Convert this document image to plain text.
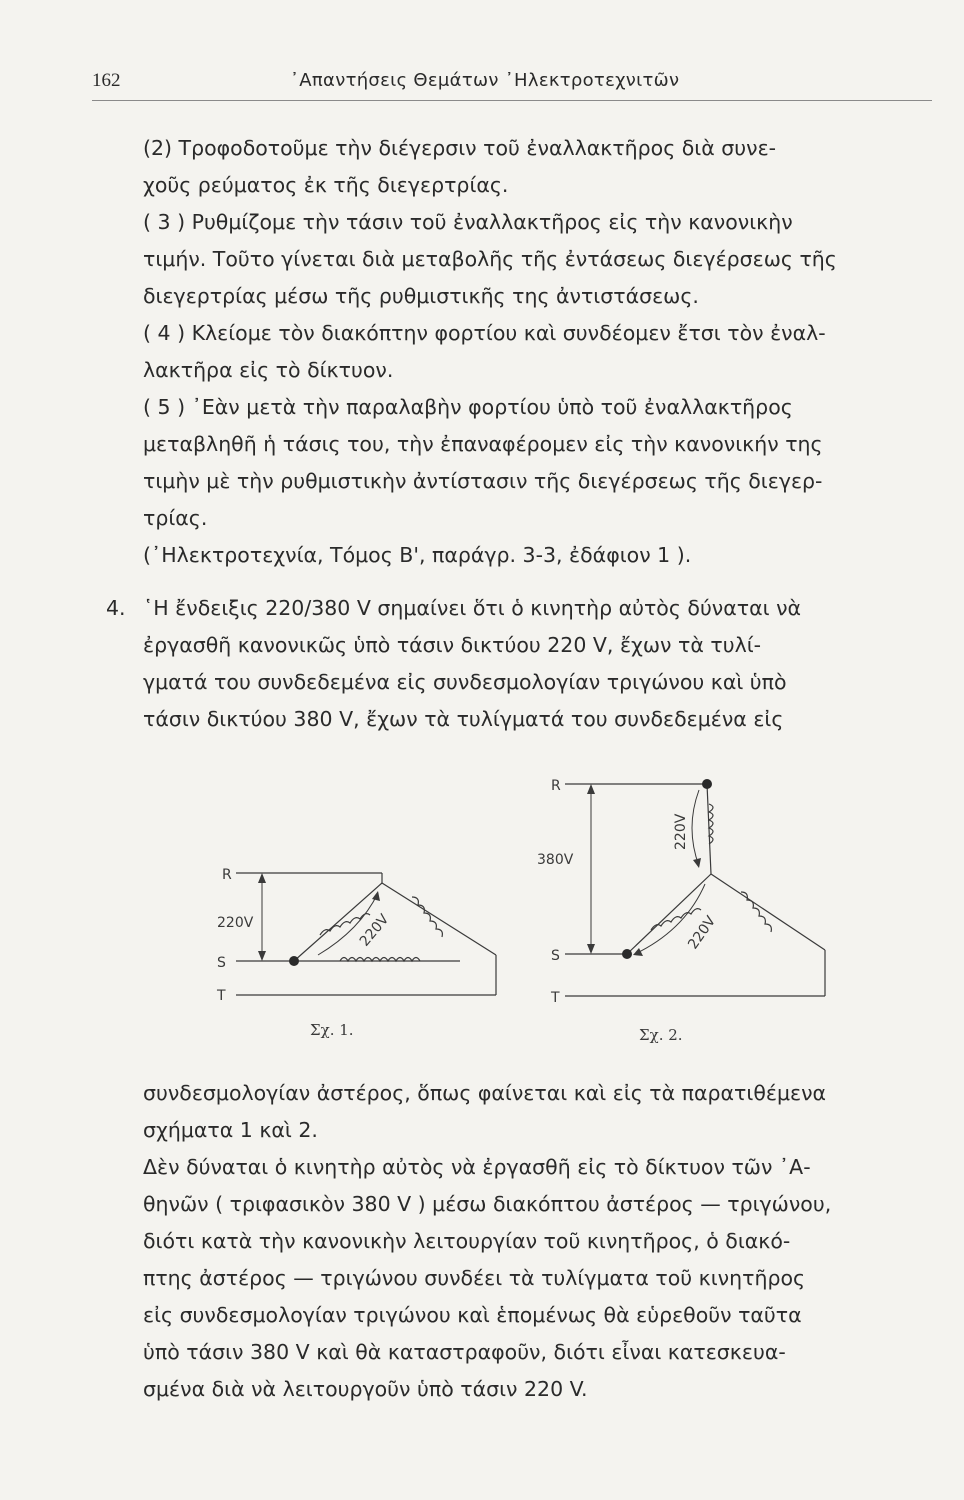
162	᾿Απαντήσεις Θεμάτων ᾿Ηλεκτροτεχνιτῶν

(2) Τροφοδοτοῦμε τὴν διέγερσιν τοῦ ἐναλλακτῆρος διὰ συνε-

χοῦς ρεύματος ἐκ τῆς διεγερτρίας.

( 3 ) Ρυθμίζομε τὴν τάσιν τοῦ ἐναλλακτῆρος εἰς τὴν κανονικὴν

τιμήν. Τοῦτο γίνεται διὰ μεταβολῆς τῆς ἐντάσεως διεγέρσεως τῆς

διεγερτρίας μέσω τῆς ρυθμιστικῆς της ἀντιστάσεως.

( 4 ) Κλείομε τὸν διακόπτην φορτίου καὶ συνδέομεν ἔτσι τὸν ἐναλ-

λακτῆρα εἰς τὸ δίκτυον.

( 5 ) ᾿Εὰν μετὰ τὴν παραλαβὴν φορτίου ὑπὸ τοῦ ἐναλλακτῆρος

μεταβληθῆ ἡ τάσις του, τὴν ἐπαναφέρομεν εἰς τὴν κανονικήν της

τιμὴν μὲ τὴν ρυθμιστικὴν ἀντίστασιν τῆς διεγέρσεως τῆς διεγερ-

τρίας.

(᾿Ηλεκτροτεχνία, Τόμος Β', παράγρ. 3-3, ἐδάφιον 1 ).

4. ῾Η ἔνδειξις 220/380 V σημαίνει ὅτι ὁ κινητὴρ αὐτὸς δύναται νὰ

ἐργασθῆ κανονικῶς ὑπὸ τάσιν δικτύου 220 V, ἔχων τὰ τυλί-

γματά του συνδεδεμένα εἰς συνδεσμολογίαν τριγώνου καὶ ὑπὸ

τάσιν δικτύου 380 V, ἔχων τὰ τυλίγματά του συνδεδεμένα εἰς

R
S
T
220V	220V
Σχ. 1.
R
S
T
380V
220V
220V
Σχ. 2.

συνδεσμολογίαν ἀστέρος, ὅπως φαίνεται καὶ εἰς τὰ παρατιθέμενα

σχήματα 1 καὶ 2.

Δὲν δύναται ὁ κινητὴρ αὐτὸς νὰ ἐργασθῆ εἰς τὸ δίκτυον τῶν ᾿Α-

θηνῶν ( τριφασικὸν 380 V ) μέσω διακόπτου ἀστέρος — τριγώνου,

διότι κατὰ τὴν κανονικὴν λειτουργίαν τοῦ κινητῆρος, ὁ διακό-

πτης ἀστέρος — τριγώνου συνδέει τὰ τυλίγματα τοῦ κινητῆρος

εἰς συνδεσμολογίαν τριγώνου καὶ ἑπομένως θὰ εὑρεθοῦν ταῦτα

ὑπὸ τάσιν 380 V καὶ θὰ καταστραφοῦν, διότι εἶναι κατεσκευα-

σμένα διὰ νὰ λειτουργοῦν ὑπὸ τάσιν 220 V.
